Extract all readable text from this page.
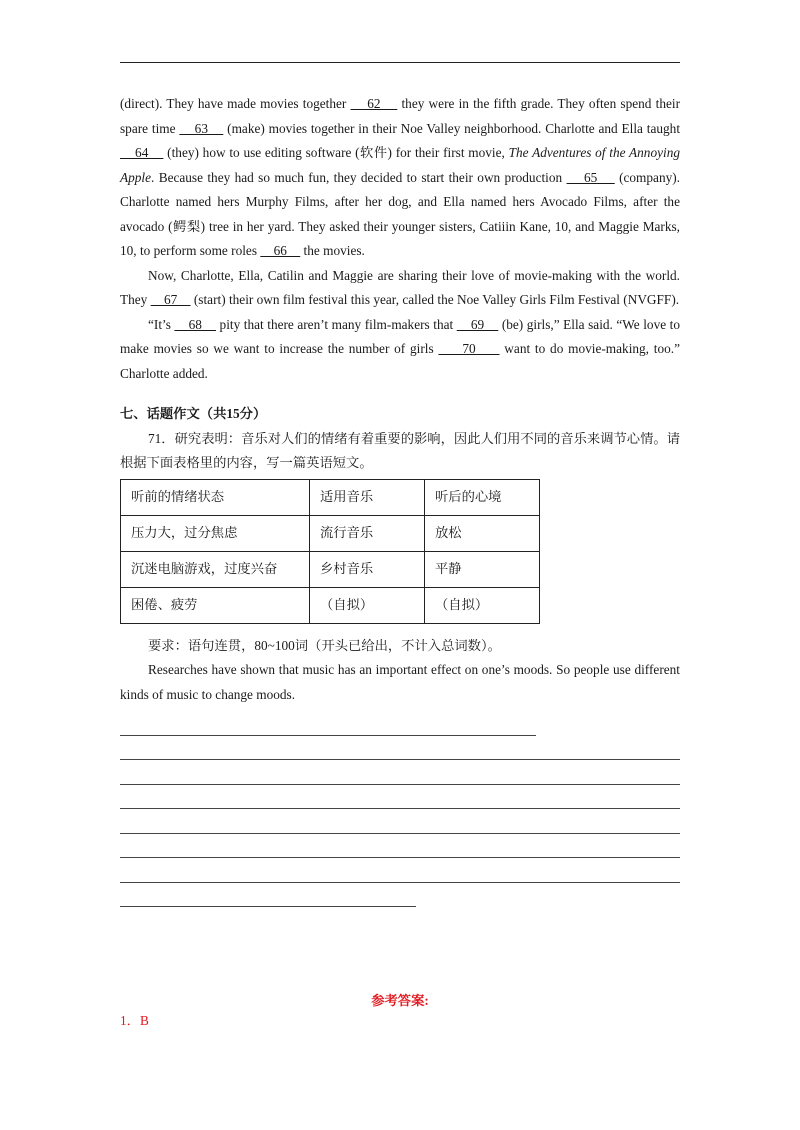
(direct). They have made movies together     62     they were in the fifth grade. They often spend their spare time     63     (make) movies together in their Noe Valley neighborhood. Charlotte and Ella taught     64     (they) how to use editing software (软件) for their first movie, The Adventures of the Annoying Apple. Because they had so much fun, they decided to start their own production     65     (company). Charlotte named hers Murphy Films, after her dog, and Ella named hers Avocado Films, after the avocado (鳄梨) tree in her yard. They asked their younger sisters, Catiiin Kane, 10, and Maggie Marks, 10, to perform some roles     66     the movies.

Now, Charlotte, Ella, Catilin and Maggie are sharing their love of movie-making with the world. They     67     (start) their own film festival this year, called the Noe Valley Girls Film Festival (NVGFF).

“It’s     68     pity that there aren’t many film-makers that     69     (be) girls,” Ella said. “We love to make movies so we want to increase the number of girls      70      want to do movie-making, too.” Charlotte added.

七、话题作文（共15分）

71．研究表明：音乐对人们的情绪有着重要的影响，因此人们用不同的音乐来调节心情。请根据下面表格里的内容，写一篇英语短文。

听前的情绪状态	适用音乐	听后的心境
压力大，过分焦虑	流行音乐	放松
沉迷电脑游戏，过度兴奋	乡村音乐	平静
困倦、疲劳	（自拟）	（自拟）

要求：语句连贯，80~100词（开头已给出，不计入总词数）。

Researches have shown that music has an important effect on one’s moods. So people use different kinds of music to change moods.

参考答案:
1．B
